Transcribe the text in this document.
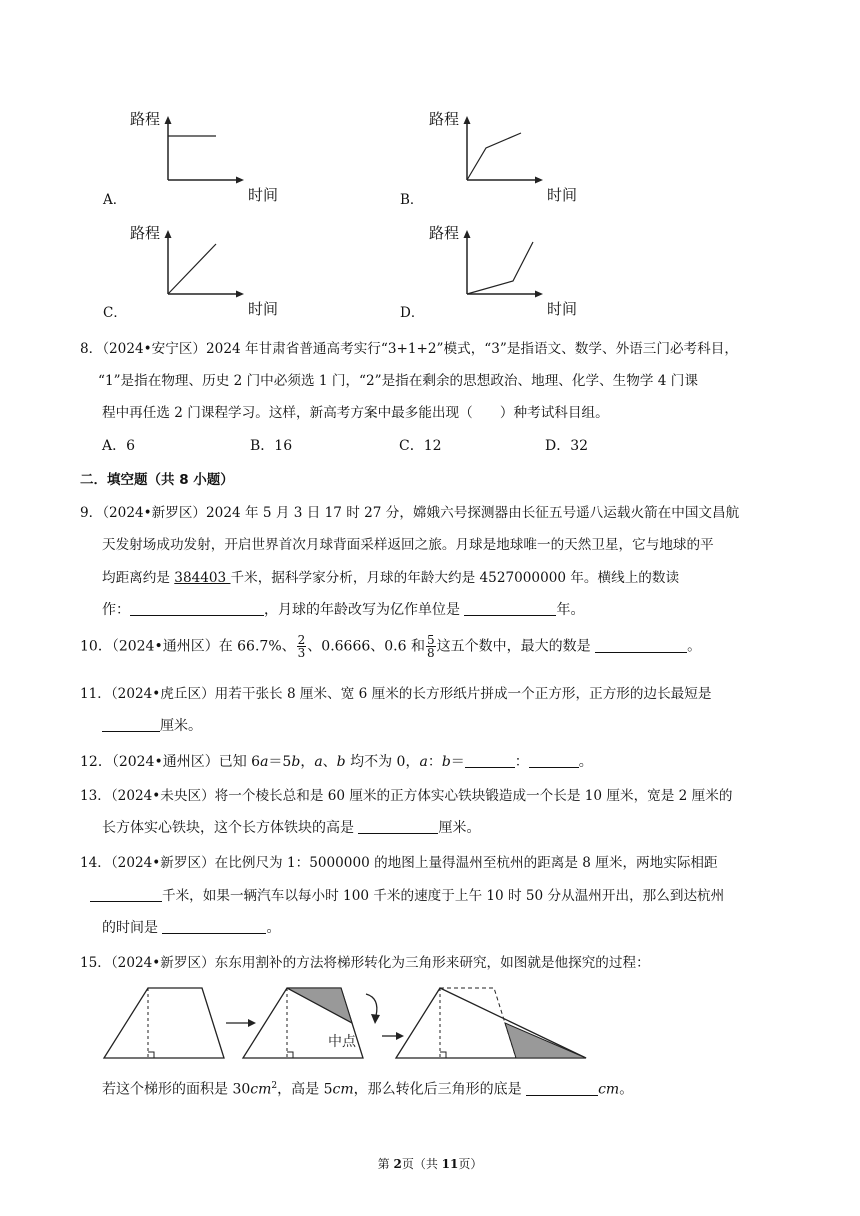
路程
时间
A．
路程
时间
B．
路程
时间
C．
路程
时间
D．
8．（2024•安宁区）2024 年甘肃省普通高考实行“3+1+2”模式，“3”是指语文、数学、外语三门必考科目，
“1”是指在物理、历史 2 门中必须选 1 门，“2”是指在剩余的思想政治、地理、化学、生物学 4 门课
程中再任选 2 门课程学习。这样，新高考方案中最多能出现（　　）种考试科目组。
A．6	B．16	C．12	D．32
二．填空题（共 8 小题）
9．（2024•新罗区）2024 年 5 月 3 日 17 时 27 分，嫦娥六号探测器由长征五号遥八运载火箭在中国文昌航
天发射场成功发射，开启世界首次月球背面采样返回之旅。月球是地球唯一的天然卫星，它与地球的平
均距离约是 384403 千米，据科学家分析，月球的年龄大约是 4527000000 年。横线上的数读
作：	，月球的年龄改写为亿作单位是	年。
10．（2024•通州区）在 66.7%、 $\frac{2}{3}$ 、0.6666、0.6 和 $\frac{5}{8}$ 这五个数中，最大的数是	。
11．（2024•虎丘区）用若干张长 8 厘米、宽 6 厘米的长方形纸片拼成一个正方形，正方形的边长最短是
厘米。
12．（2024•通州区）已知 6a＝5b，a、b 均不为 0，a：b＝	：	。
13．（2024•未央区）将一个棱长总和是 60 厘米的正方体实心铁块锻造成一个长是 10 厘米，宽是 2 厘米的
长方体实心铁块，这个长方体铁块的高是	厘米。
14．（2024•新罗区）在比例尺为 1：5000000 的地图上量得温州至杭州的距离是 8 厘米，两地实际相距
千米，如果一辆汽车以每小时 100 千米的速度于上午 10 时 50 分从温州开出，那么到达杭州
的时间是	。
15．（2024•新罗区）东东用割补的方法将梯形转化为三角形来研究，如图就是他探究的过程：
中点
若这个梯形的面积是 $30cm^2$，高是 5cm，那么转化后三角形的底是	cm。
第 2页（共 11页）
